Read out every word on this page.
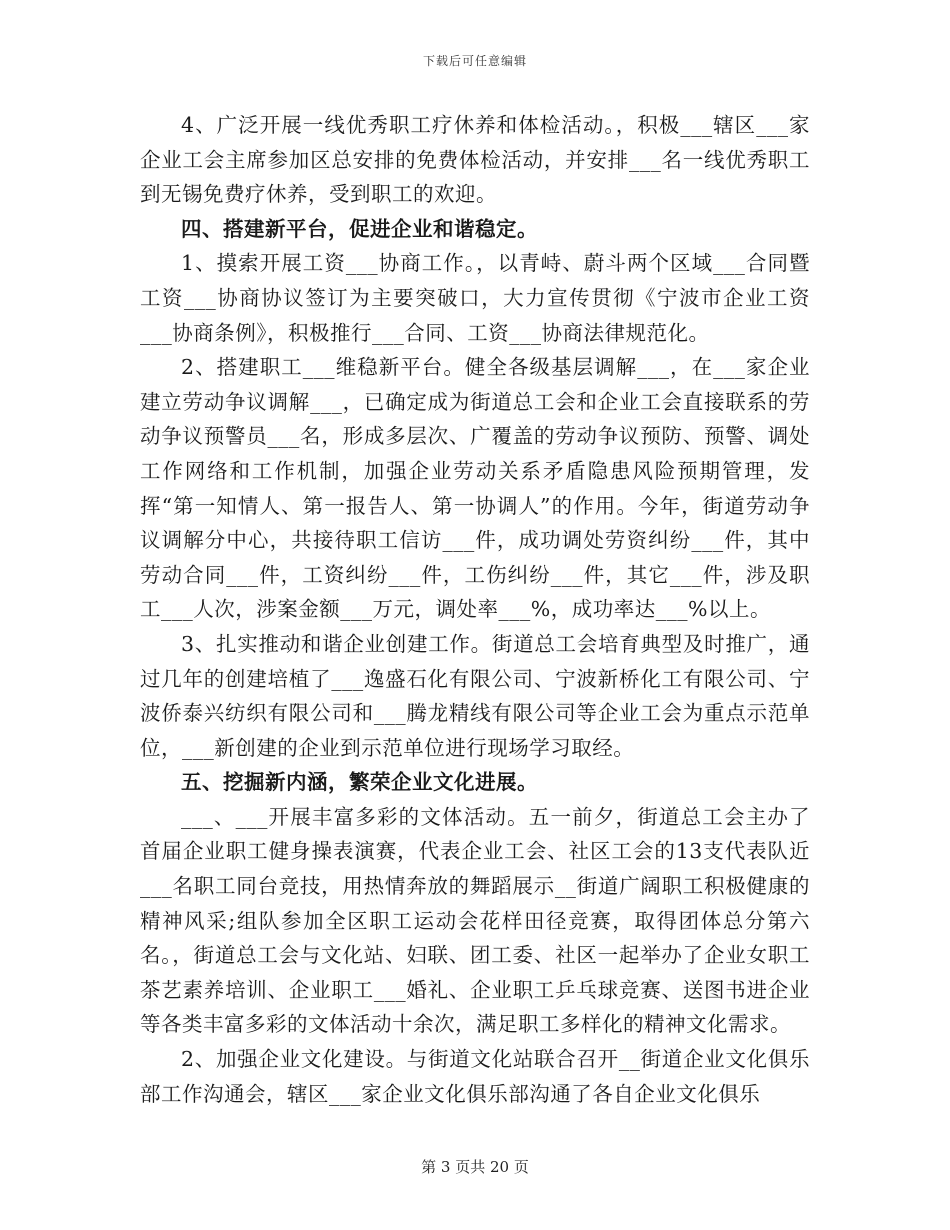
下载后可任意编辑

4、广泛开展一线优秀职工疗休养和体检活动。，积极___辖区___家企业工会主席参加区总安排的免费体检活动，并安排___名一线优秀职工到无锡免费疗休养，受到职工的欢迎。

四、搭建新平台，促进企业和谐稳定。

1、摸索开展工资___协商工作。，以青峙、蔚斗两个区域___合同暨工资___协商协议签订为主要突破口，大力宣传贯彻《宁波市企业工资___协商条例》，积极推行___合同、工资___协商法律规范化。

2、搭建职工___维稳新平台。健全各级基层调解___，在___家企业建立劳动争议调解___，已确定成为街道总工会和企业工会直接联系的劳动争议预警员___名，形成多层次、广覆盖的劳动争议预防、预警、调处工作网络和工作机制，加强企业劳动关系矛盾隐患风险预期管理，发挥“第一知情人、第一报告人、第一协调人”的作用。今年，街道劳动争议调解分中心，共接待职工信访___件，成功调处劳资纠纷___件，其中劳动合同___件，工资纠纷___件，工伤纠纷___件，其它___件，涉及职工___人次，涉案金额___万元，调处率___%，成功率达___%以上。

3、扎实推动和谐企业创建工作。街道总工会培育典型及时推广，通过几年的创建培植了___逸盛石化有限公司、宁波新桥化工有限公司、宁波侨泰兴纺织有限公司和___腾龙精线有限公司等企业工会为重点示范单位，___新创建的企业到示范单位进行现场学习取经。

五、挖掘新内涵，繁荣企业文化进展。

___、___开展丰富多彩的文体活动。五一前夕，街道总工会主办了首届企业职工健身操表演赛，代表企业工会、社区工会的13支代表队近___名职工同台竞技，用热情奔放的舞蹈展示__街道广阔职工积极健康的精神风采;组队参加全区职工运动会花样田径竞赛，取得团体总分第六名。，街道总工会与文化站、妇联、团工委、社区一起举办了企业女职工茶艺素养培训、企业职工___婚礼、企业职工乒乓球竞赛、送图书进企业等各类丰富多彩的文体活动十余次，满足职工多样化的精神文化需求。

2、加强企业文化建设。与街道文化站联合召开__街道企业文化俱乐部工作沟通会，辖区___家企业文化俱乐部沟通了各自企业文化俱乐

第 3 页共 20 页
